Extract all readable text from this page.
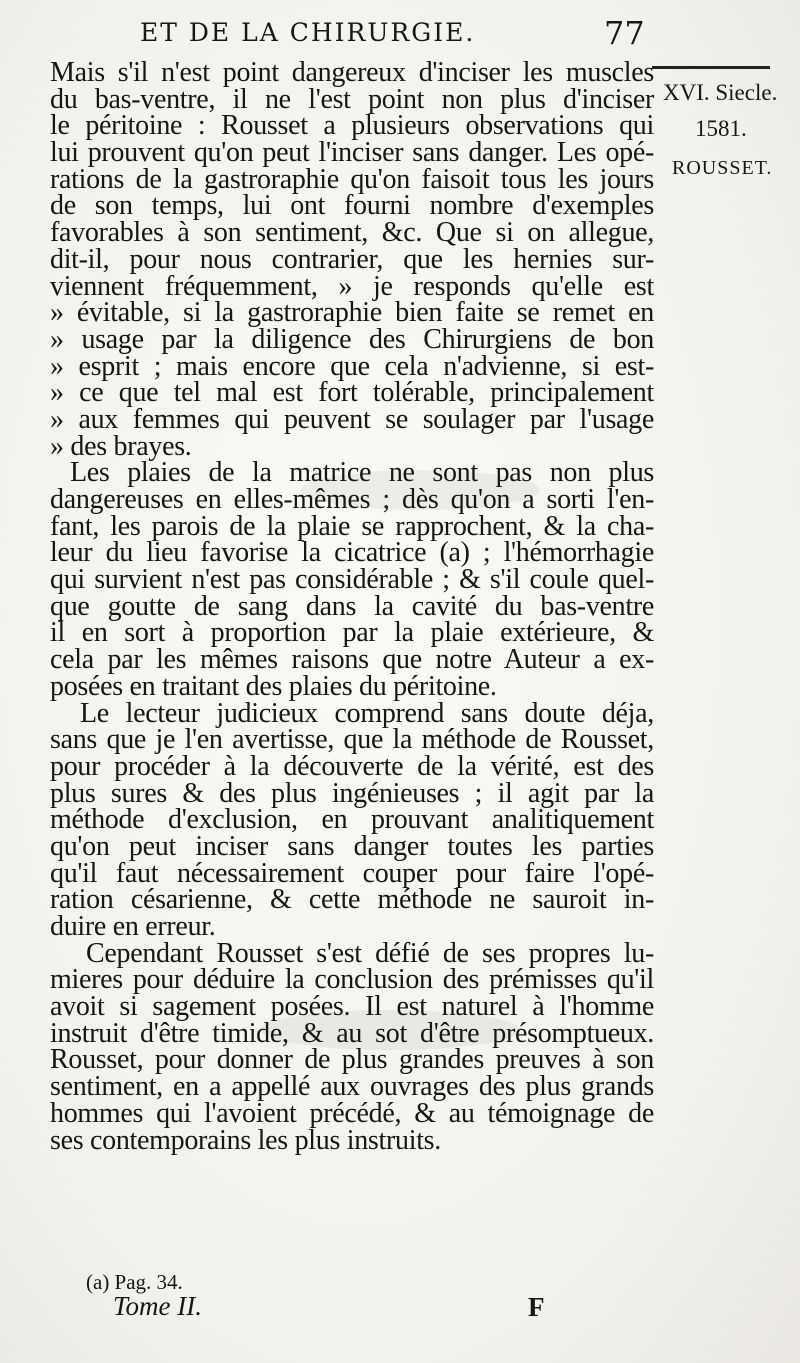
ET DE LA CHIRURGIE.	77
XVI. Siecle.
1581.
ROUSSET.
Mais s'il n'est point dangereux d'inciser les muscles
du bas-ventre, il ne l'est point non plus d'inciser
le péritoine : Rousset a plusieurs observations qui
lui prouvent qu'on peut l'inciser sans danger. Les opé-
rations de la gastroraphie qu'on faisoit tous les jours
de son temps, lui ont fourni nombre d'exemples
favorables à son sentiment, &c. Que si on allegue,
dit-il, pour nous contrarier, que les hernies sur-
viennent fréquemment, » je responds qu'elle est
» évitable, si la gastroraphie bien faite se remet en
» usage par la diligence des Chirurgiens de bon
» esprit ; mais encore que cela n'advienne, si est-
» ce que tel mal est fort tolérable, principalement
» aux femmes qui peuvent se soulager par l'usage
» des brayes.
Les plaies de la matrice ne sont pas non plus
dangereuses en elles-mêmes ; dès qu'on a sorti l'en-
fant, les parois de la plaie se rapprochent, & la cha-
leur du lieu favorise la cicatrice (a) ; l'hémorrhagie
qui survient n'est pas considérable ; & s'il coule quel-
que goutte de sang dans la cavité du bas-ventre
il en sort à proportion par la plaie extérieure, &
cela par les mêmes raisons que notre Auteur a ex-
posées en traitant des plaies du péritoine.
Le lecteur judicieux comprend sans doute déja,
sans que je l'en avertisse, que la méthode de Rousset,
pour procéder à la découverte de la vérité, est des
plus sures & des plus ingénieuses ; il agit par la
méthode d'exclusion, en prouvant analitiquement
qu'on peut inciser sans danger toutes les parties
qu'il faut nécessairement couper pour faire l'opé-
ration césarienne, & cette méthode ne sauroit in-
duire en erreur.
Cependant Rousset s'est défié de ses propres lu-
mieres pour déduire la conclusion des prémisses qu'il
avoit si sagement posées. Il est naturel à l'homme
instruit d'être timide, & au sot d'être présomptueux.
Rousset, pour donner de plus grandes preuves à son
sentiment, en a appellé aux ouvrages des plus grands
hommes qui l'avoient précédé, & au témoignage de
ses contemporains les plus instruits.
(a) Pag. 34.
Tome II.	F
